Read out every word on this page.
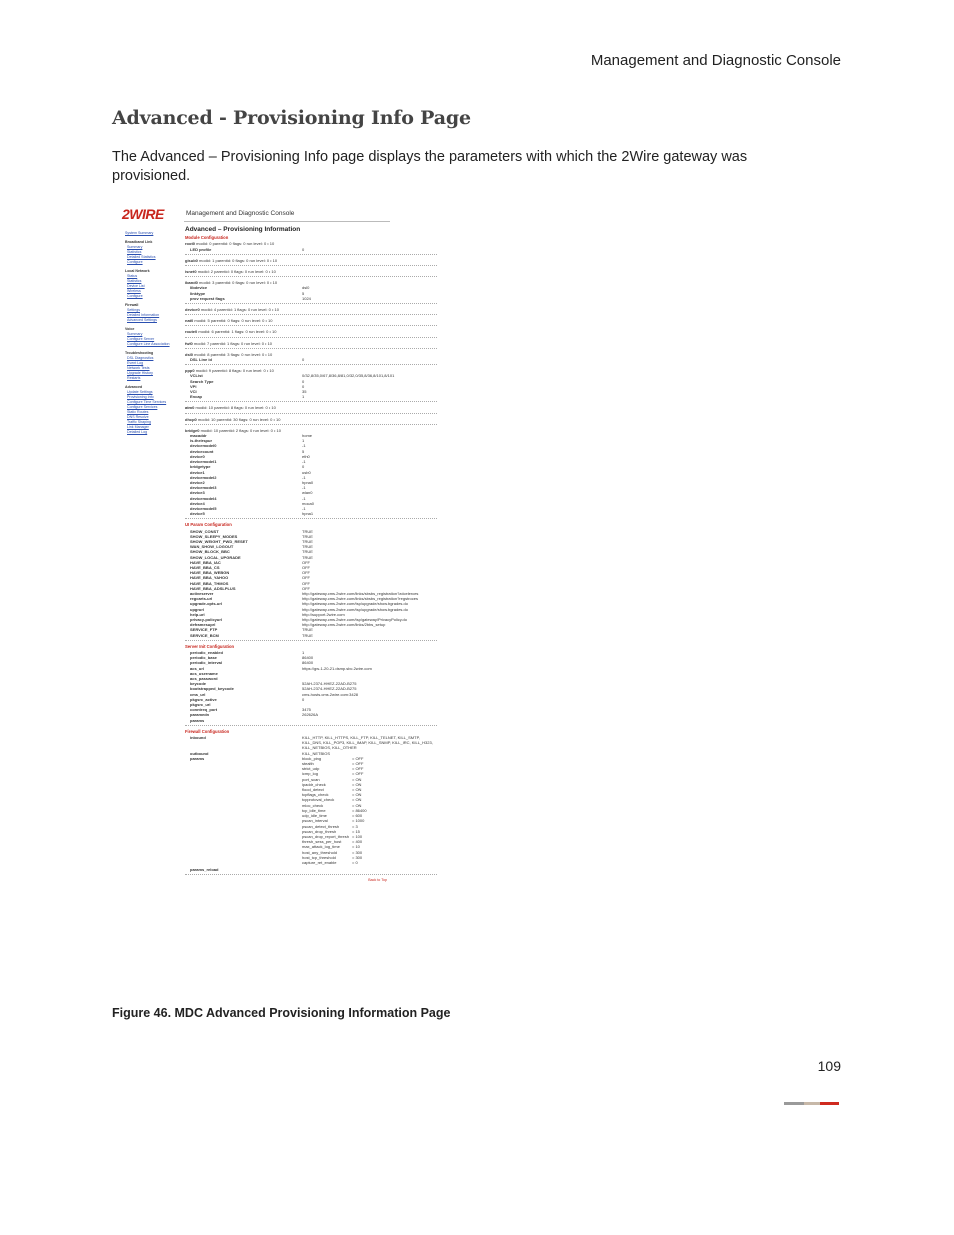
Management and Diagnostic Console
Advanced - Provisioning Info Page
The Advanced – Provisioning Info page displays the parameters with which the 2Wire gateway was provisioned.
2WIRE	Management and Diagnostic Console
System Summary
Broadband Link
Summary
Statistics
Detailed Statistics
Configure
Local Network
Status
Statistics
Device List
Wireless
Configure
Firewall
Settings
Detailed Information
Advanced Settings
Voice
Summary
Configure Server
Configure Line Association
Troubleshooting
DSL Diagnostics
Event Log
Network Tests
Upgrade History
Restarts
Advanced
Update Settings
Provisioning Info
Configure Time Services
Configure Services
Static Routes
DNS Resolve
Traffic Shaping
Link Manager
Detailed Log
Advanced – Provisioning Information
Module Configuration
root0 modid: 0 parentid: 0 flags: 0 run level: 0 • 10
LED profile	0
gisub0 modid: 1 parentid: 0 flags: 0 run level: 0 • 10
isnet0 modid: 2 parentid: 0 flags: 0 run level: 0 • 10
iband0 modid: 3 parentid: 0 flags: 0 run level: 0 • 10
libdevice	dsl0
linktype	5
prov request flags	1024
device0 modid: 4 parentid: 1 flags: 0 run level: 0 • 10
nat0 modid: 5 parentid: 0 flags: 0 run level: 0 • 10
route0 modid: 6 parentid: 1 flags: 0 run level: 0 • 10
fwl0 modid: 7 parentid: 1 flags: 0 run level: 0 • 10
dsl0 modid: 8 parentid: 3 flags: 0 run level: 0 • 10
DSL Line id	0
ppp0 modid: 9 parentid: 8 flags: 0 run level: 0 • 10
VCList	0/32,8/35,0/67,8/36,8/81,0/32,0/35,8/36,8/101,8/101
Search Type	0
VPI	0
VCI	35
Encap	1
atm0 modid: 10 parentid: 8 flags: 0 run level: 0 • 10
dhcp0 modid: 10 parentid: 30 flags: 0 run level: 0 • 10
bridge0 modid: 10 parentid: 2 flags: 0 run level: 0 • 10
macaddr	home
is-theirspur	1
devicemodel0	-1
devicecount	5
device0	eth0
devicemodel1	-1
bridgetype	0
device1	usb0
devicemodel2	-1
device2	hpna0
devicemodel3	-1
device3	wlan0
devicemodel4	-1
device4	moca0
devicemodel5	-1
device5	hpna1
UI Param Configuration
SHOW_CONST	TRUE
SHOW_SLEEPY_MODES	TRUE
SHOW_WEIGHT_PWD_RESET	TRUE
WAN_SHOW_LOGOUT	TRUE
SHOW_BLOCK_BBC	TRUE
SHOW_LOCAL_UPGRADE	TRUE
HAVE_BBA_IAC	OFF
HAVE_BBA_CS	OFF
HAVE_BBA_WEBGN	OFF
HAVE_BBA_YAHOO	OFF
HAVE_BBA_THMOS	OFF
HAVE_BBA_ADSLPLUS	OFF
activeserver	http://gateway.cms.2wire.com/links/sbsbs_registration?zdcelerces
regcarts-url	http://gateway.cms.2wire.com/links/sbsbs_registration?regstroces
upgrade-opts-url	http://gateway.cms.2wire.com/tsp/upgrade/show.bgrades.do
upgrurl	http://gateway.cms.2wire.com/tsp/upgrade/show.bgrades.do
help-url	http://support.2wire.com
privacy-policyurl	http://gateway.cms.2wire.com/tsp/gateway/PrivacyPolicy.do
deframesuprl	http://gateway.cms.2wire.com/links/2bbs_setup
SERVICE_FTP	TRUE
SERVICE_BCM	TRUE
Server Init Configuration
periodic_enabled	1
periodic_base	86400
periodic_interval	86400
acs_url	https://gw-1-20-21.dsmp.sbc.2wire.com
acs_username
acs_password
keycode	52AH-2374-HHEZ-22AD-B275
bootstrapped_keycode	52AH-2374-HHEZ-22AD-B275
cms_url	cms-hosts.cms.2wire.com:3428
pkgsrc_active	0
pkgsrc_url
conntreq_port	3475
paramedn	262626A
params
Firewall Configuration
inbound	KILL_HTTP, KILL_HTTPS, KILL_FTP, KILL_TELNET, KILL_SMTP, KILL_DNS, KILL_POP3, KILL_IMAP, KILL_SNMP, KILL_IRC, KILL_H323, KILL_NETBIOS, KILL_OTHER
outbound	KILL_NETBIOS
params	block_ping	= OFF
stealth	= OFF
strict_udp	= OFF
icmp_log	= OFF
port_scan	= ON
ipaddr_check	= ON
flood_detect	= ON
tcpflags_check	= ON
tcpprotoval_check	= ON
mloc_check	= ON
tcp_idle_time	= 86400
udp_idle_time	= 600
pscan_interval	= 1000
pscan_detect_thresh	= 3
pscan_drop_thresh	= 15
pscan_drop_report_thresh = 100
thresh_sess_per_host	= 400
max_attack_log_time	= 10
host_any_threshold	= 300
host_tcp_threshold	= 300
capture_ret_enable	= 0
params_reload
Back to Top
Figure 46. MDC Advanced Provisioning Information Page
109
